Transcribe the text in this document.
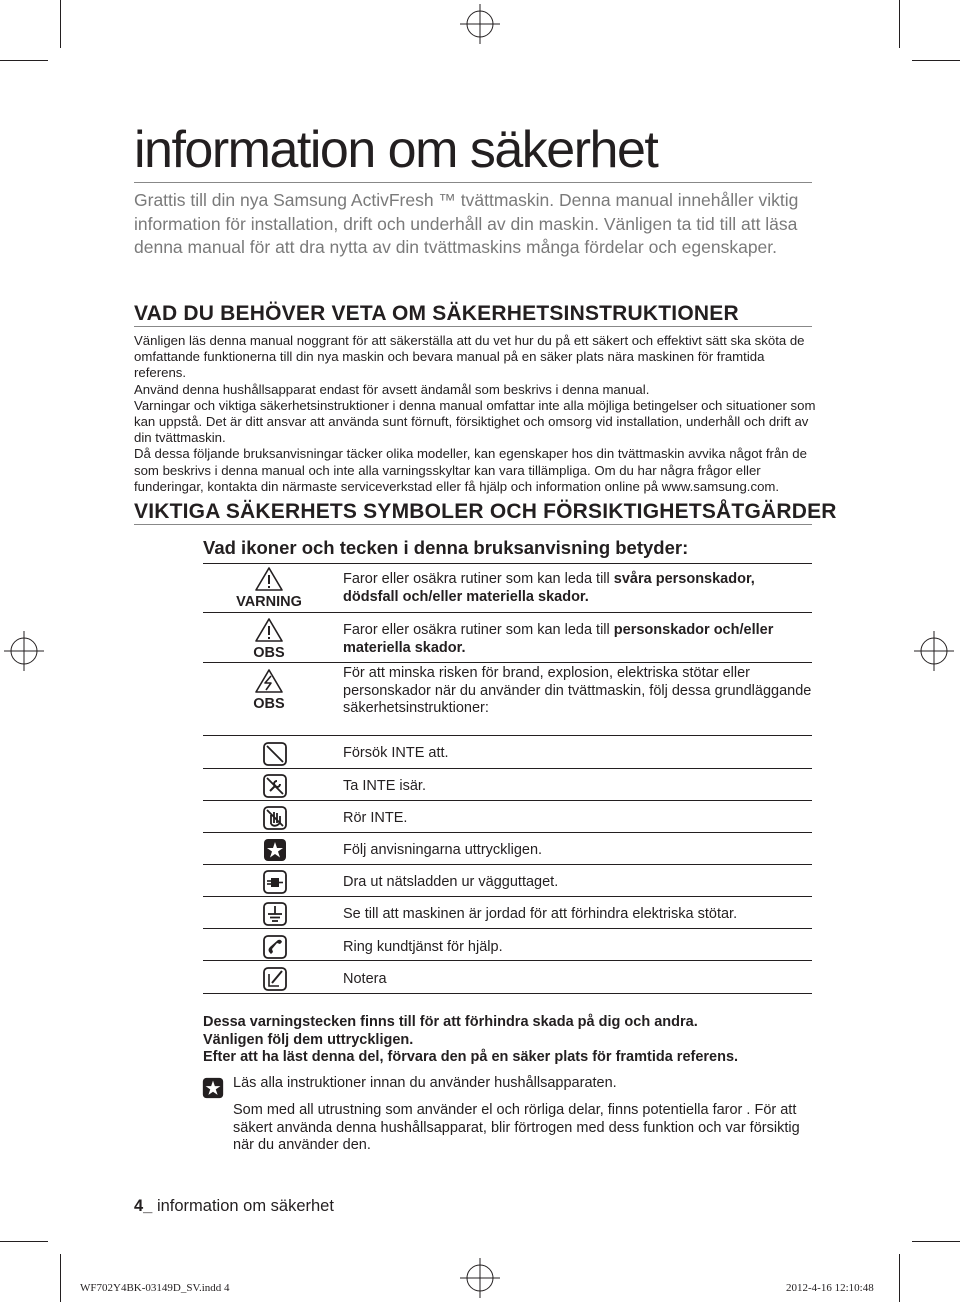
information om säkerhet

Grattis till din nya Samsung ActivFresh ™ tvättmaskin. Denna manual innehåller viktig information för installation, drift och underhåll av din maskin. Vänligen ta tid till att läsa denna manual för att dra nytta av din tvättmaskins många fördelar och egenskaper.

VAD DU BEHÖVER VETA OM SÄKERHETSINSTRUKTIONER

Vänligen läs denna manual noggrant för att säkerställa att du vet hur du på ett säkert och effektivt sätt ska sköta de omfattande funktionerna till din nya maskin och bevara manual på en säker plats nära maskinen för framtida referens.

Använd denna hushållsapparat endast för avsett ändamål som beskrivs i denna manual.

Varningar och viktiga säkerhetsinstruktioner i denna manual omfattar inte alla möjliga betingelser och situationer som kan uppstå. Det är ditt ansvar att använda sunt förnuft, försiktighet och omsorg vid installation, underhåll och drift av din tvättmaskin.

Då dessa följande bruksanvisningar täcker olika modeller, kan egenskaper hos din tvättmaskin avvika något från de som beskrivs i denna manual och inte alla varningsskyltar kan vara tillämpliga. Om du har några frågor eller funderingar, kontakta din närmaste serviceverkstad eller få hjälp och information online på www.samsung.com.

VIKTIGA SÄKERHETS SYMBOLER OCH FÖRSIKTIGHETSÅTGÄRDER
Vad ikoner och tecken i denna bruksanvisning betyder:
VARNING

Faror eller osäkra rutiner som kan leda till svåra personskador, dödsfall och/eller materiella skador.

OBS

Faror eller osäkra rutiner som kan leda till personskador och/eller materiella skador.

OBS

För att minska risken för brand, explosion, elektriska stötar eller personskador när du använder din tvättmaskin, följ dessa grundläggande säkerhetsinstruktioner:

Försök INTE att.
Ta INTE isär.
Rör INTE.
Följ anvisningarna uttryckligen.
Dra ut nätsladden ur vägguttaget.
Se till att maskinen är jordad för att förhindra elektriska stötar.
Ring kundtjänst för hjälp.
Notera

Dessa varningstecken finns till för att förhindra skada på dig och andra.

Vänligen följ dem uttryckligen.

Efter att ha läst denna del, förvara den på en säker plats för framtida referens.

Läs alla instruktioner innan du använder hushållsapparaten.

Som med all utrustning som använder el och rörliga delar, finns potentiella faror . För att säkert använda denna hushållsapparat, blir förtrogen med dess funktion och var försiktig när du använder den.

4_ information om säkerhet

WF702Y4BK-03149D_SV.indd 4	2012-4-16 12:10:48
